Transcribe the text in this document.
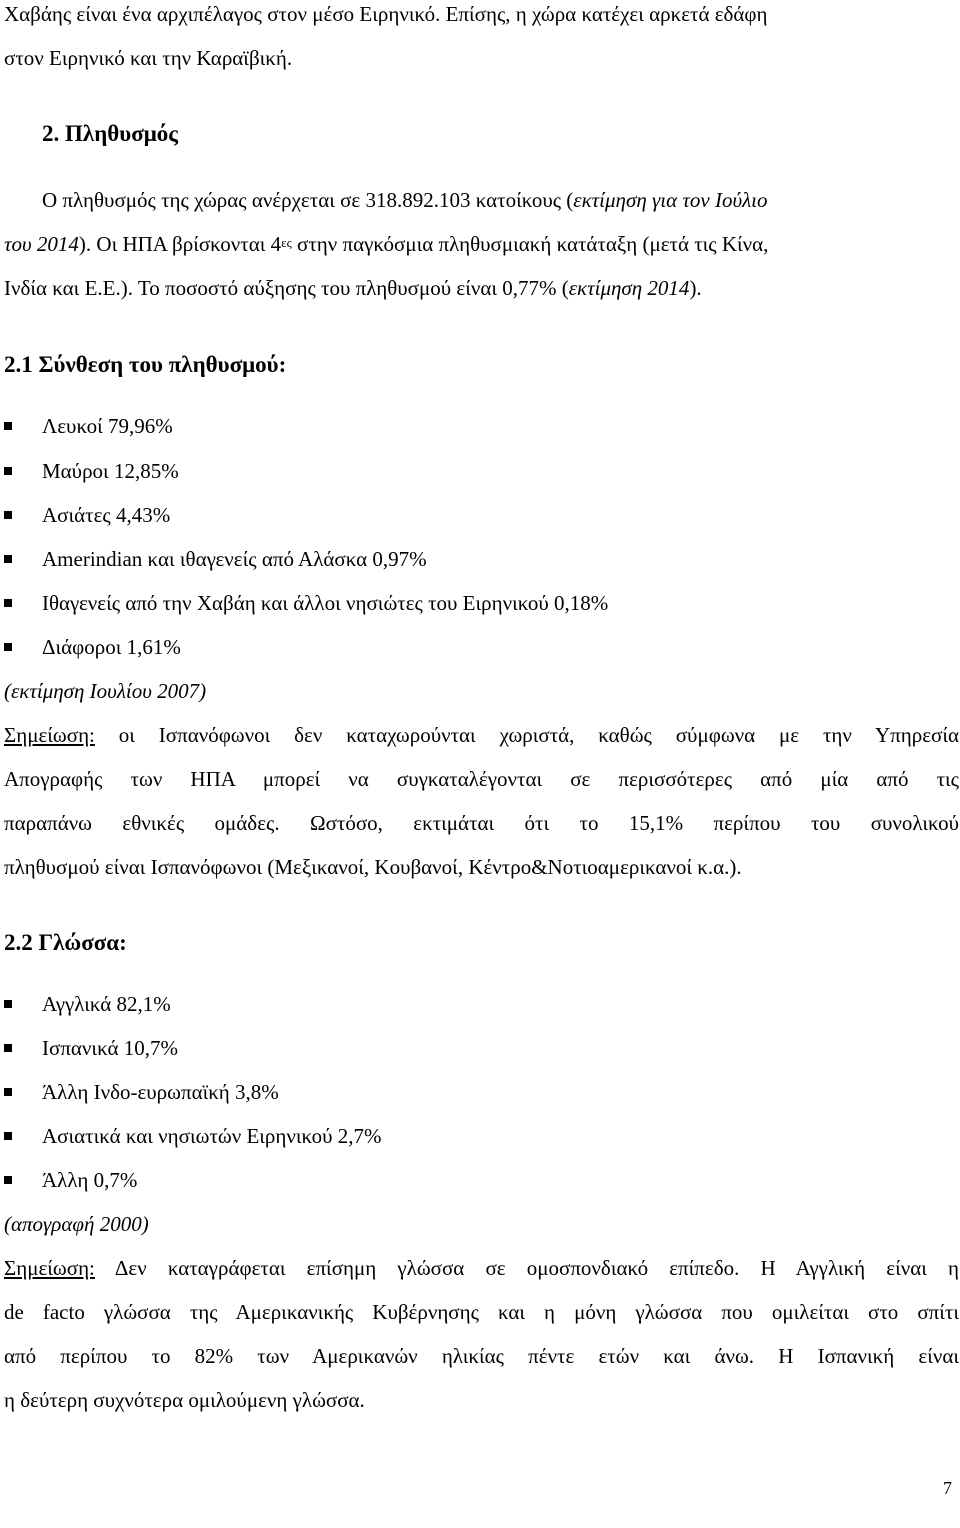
Χαβάης είναι ένα αρχιπέλαγος στον μέσο Ειρηνικό. Επίσης, η χώρα κατέχει αρκετά εδάφη
στον Ειρηνικό και την Καραϊβική.
2. Πληθυσμός
Ο πληθυσμός της χώρας ανέρχεται σε 318.892.103 κατοίκους (εκτίμηση για τον Ιούλιο
του 2014). Οι ΗΠΑ βρίσκονται $4^{\varepsilon\varsigma}$ στην παγκόσμια πληθυσμιακή κατάταξη (μετά τις Κίνα,
Ινδία και Ε.Ε.). Το ποσοστό αύξησης του πληθυσμού είναι 0,77% (εκτίμηση 2014).
2.1 Σύνθεση του πληθυσμού:
Λευκοί 79,96%
Μαύροι 12,85%
Ασιάτες 4,43%
Amerindian και ιθαγενείς από Αλάσκα 0,97%
Ιθαγενείς από την Χαβάη και άλλοι νησιώτες του Ειρηνικού 0,18%
Διάφοροι 1,61%
(εκτίμηση Ιουλίου 2007)
Σημείωση: οι Ισπανόφωνοι δεν καταχωρούνται χωριστά, καθώς σύμφωνα με την Υπηρεσία
Απογραφής των ΗΠΑ μπορεί να συγκαταλέγονται σε περισσότερες από μία από τις
παραπάνω εθνικές ομάδες. Ωστόσο, εκτιμάται ότι το 15,1% περίπου του συνολικού
πληθυσμού είναι Ισπανόφωνοι (Μεξικανοί, Κουβανοί, Κέντρο&Νοτιοαμερικανοί κ.α.).
2.2 Γλώσσα:
Αγγλικά 82,1%
Ισπανικά 10,7%
Άλλη Ινδο-ευρωπαϊκή 3,8%
Ασιατικά και νησιωτών Ειρηνικού 2,7%
Άλλη 0,7%
(απογραφή 2000)
Σημείωση: Δεν καταγράφεται επίσημη γλώσσα σε ομοσπονδιακό επίπεδο. Η Αγγλική είναι η
de facto γλώσσα της Αμερικανικής Κυβέρνησης και η μόνη γλώσσα που ομιλείται στο σπίτι
από περίπου το 82% των Αμερικανών ηλικίας πέντε ετών και άνω. Η Ισπανική είναι
η δεύτερη συχνότερα ομιλούμενη γλώσσα.
7
